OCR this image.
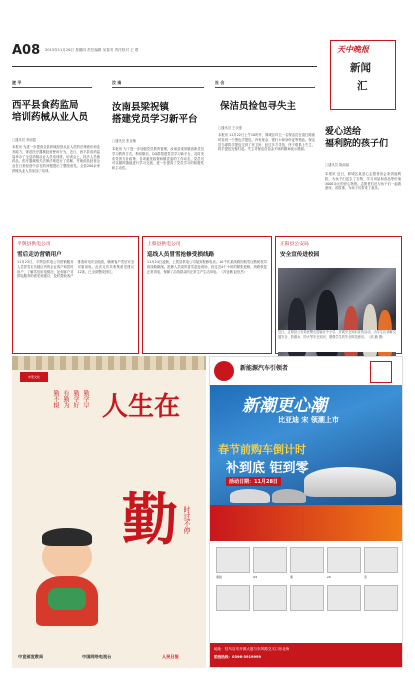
A08 2015年11月26日 星期四 责任编辑 吴春芳 责任校对 王 珺	天中晚报
新闻
汇
遂 平
西平县食药监局
培训药械从业人员
□通讯员 李丽霞
本报讯 为进一步提高全县药械经营从业人员的法律意识和业务能力，规范医疗器械经营使用行为，近日，西平县食药监局举办了全县药械从业人员培训班。培训会上，执法人员就药品、医疗器械相关法律法规进行了讲解，并就药品经营企业在日常经营中存在的问题提出了整改意见。全县200余家药械从业人员参加了培训。
汝 南
汝南县梁祝镇
搭建党员学习新平台
□通讯员 张亚楠
本报讯 为了进一步加强党员教育管理，汝南县梁祝镇创新党员学习教育方式，利用微信、QQ群搭建党员学习新平台，及时发布党的方针政策、各项惠民政策和镇党委的工作动态，党员们可以随时随地进行学习交流，进一步提高了党员学习的积极性和主动性。
社 会
保洁员捡包寻失主
□通讯员 王永强
本报讯 11月22日上午10时许，驿城区环卫一名保洁员在清扫路面时捡到一个黑色手提包，内有现金、银行卡和身份证等物品。保洁员当即将手提包交到了环卫所，经过多方寻找，终于联系上失主，将手提包完璧归赵。失主对保洁员拾金不昧的精神表示感谢。
爱心送给
福利院的孩子们
□通讯员 陈丽丽
本报讯 近日，驿城区某爱心志愿者协会来到福利院，为孩子们送去了衣物、学习用品和食品等价值3000余元的爱心物资。志愿者们还与孩子们一起做游戏、讲故事，为孩子们带来了欢乐。
平舆县供电公司
雪后走访营销用户
11月23日，平舆县供电公司营销服务人员冒雪走访辖区内的企业客户和居民用户，了解雪后用电情况，征询客户对供电服务的意见和建议，及时帮助客户排查用电安全隐患，确保客户雪后安全可靠用电。此次走访共收集意见建议12条，已全部整改到位。
上蔡县供电公司
巡线人员冒雪抢修受损线路
11月24日凌晨，上蔡县供电公司接到报修电话，10千伏某线路因积雪压断树枝导致线路跳闸。抢修人员顶风冒雪赶赴现场，经过近4个小时的紧张抢修，线路恢复正常供电，保障了沿线群众的正常生产生活用电。（冯亚楠 赵世杰）
正阳县公安局
安全宣传进校园
近日，正阳县公安局民警走进辖区中小学，开展安全知识宣传活动，为学生们讲解交通安全、防溺水、防火等安全知识，增强学生的安全防范意识。（高 鹏 摄）
中原文化
人生在
勤 时过不停
勤学早
勤学好
有勤为
勤不辍
中宣部宣教局	中国网络电视台	人民日报
新能源汽车引领者
新潮更心潮
比亚迪 宋 领潮上市
春节前购车倒计时
补到底 钜到零
活动日期：11月28日
速锐	G5	秦	e5	宋
地址：驻马店市开源大道与东风路交叉口东北角
销售热线：0396-3919999
